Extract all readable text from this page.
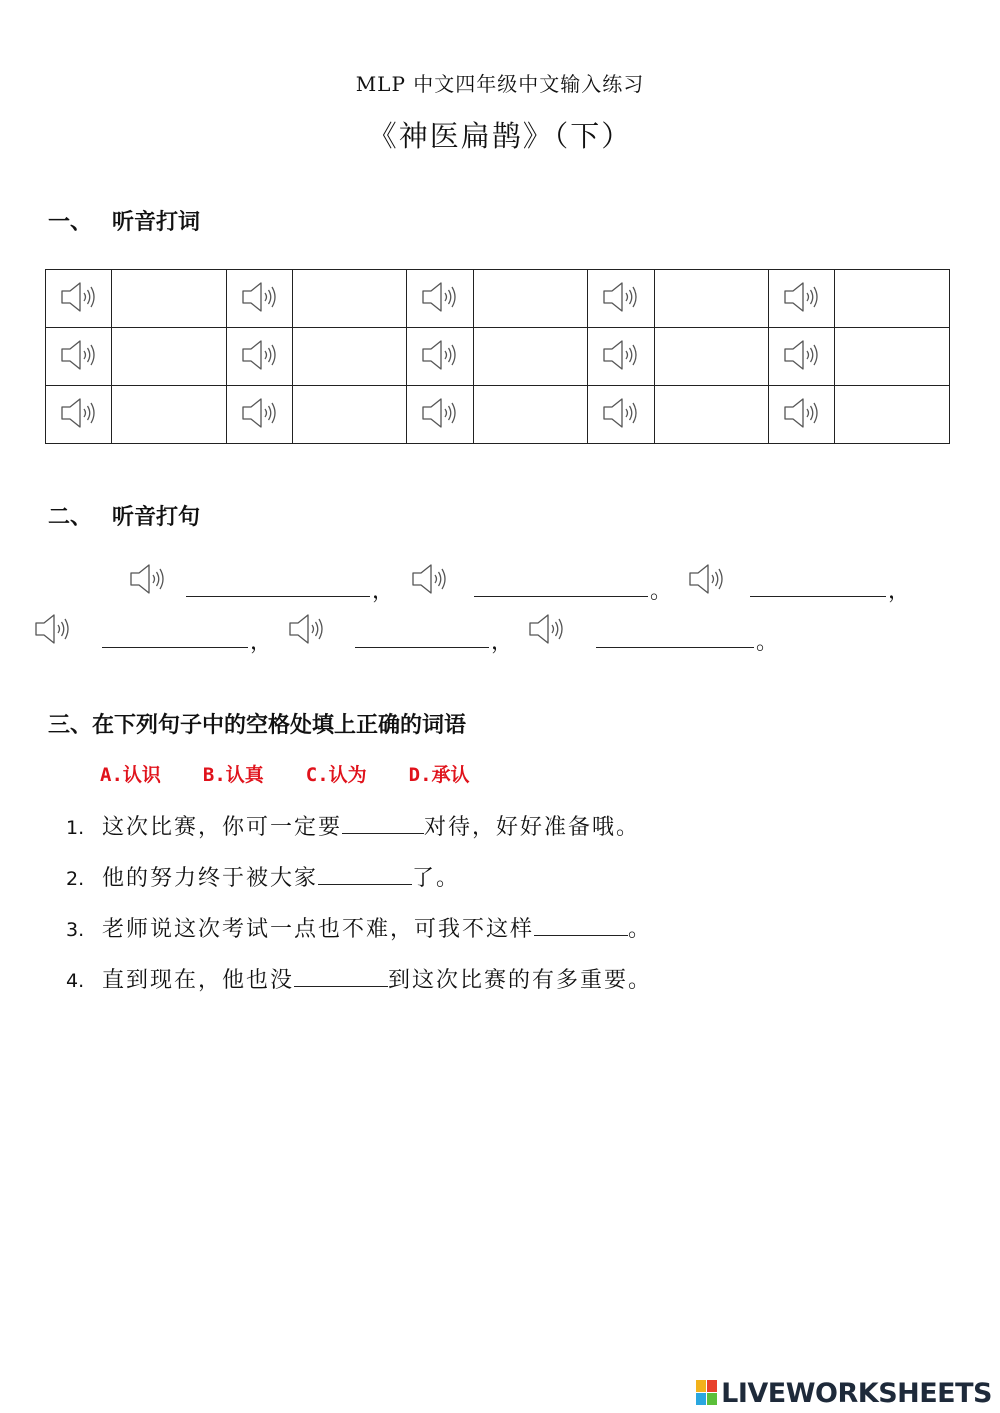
MLP 中文四年级中文输入练习
《神医扁鹊》（下）
一、 听音打词

二、 听音打句
，	。	，
，	，	。
三、在下列句子中的空格处填上正确的词语
A.认识 B.认真 C.认为 D.承认
1. 这次比赛，你可一定要	对待，好好准备哦。
2. 他的努力终于被大家	了。
3. 老师说这次考试一点也不难，可我不这样	。
4. 直到现在，他也没	到这次比赛的有多重要。
LIVEWORKSHEETS
